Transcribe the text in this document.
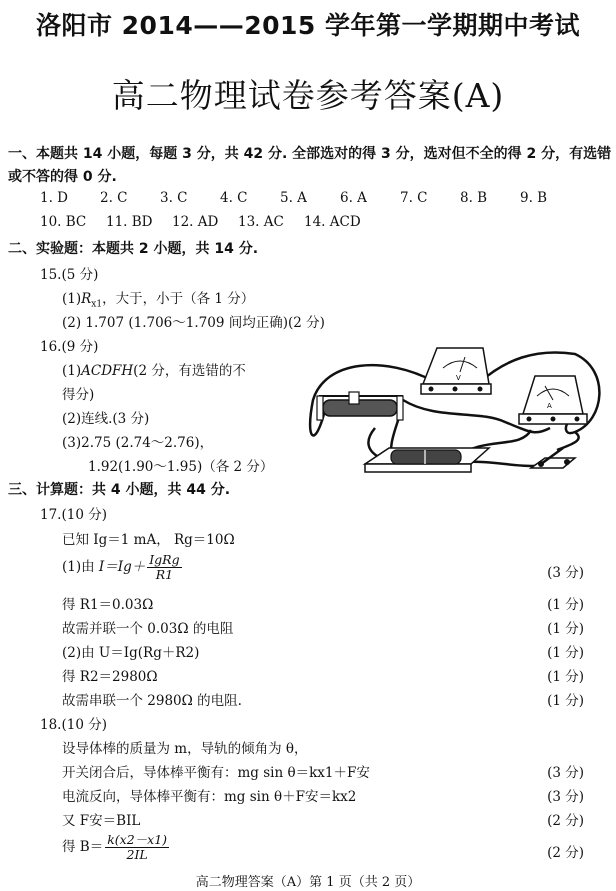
洛阳市 2014——2015 学年第一学期期中考试
高二物理试卷参考答案(A)
一、本题共 14 小题，每题 3 分，共 42 分. 全部选对的得 3 分，选对但不全的得 2 分，有选错
或不答的得 0 分.
1. D 2. C 3. C 4. C 5. A 6. A 7. C 8. B 9. B
10. BC 11. BD 12. AD 13. AC 14. ACD
二、实验题：本题共 2 小题，共 14 分.
15.(5 分)
$(1)R_{x1}$，大于，小于（各 1 分）
(2) 1.707 (1.706～1.709 间均正确)(2 分)
16.(9 分)
(1)ACDFH(2 分，有选错的不
得分)
(2)连线.(3 分)
(3)2.75 (2.74～2.76)，
1.92(1.90～1.95)（各 2 分）
V
A
三、计算题：共 4 小题，共 44 分.
17.(10 分)
已知 Ig＝1 mA， Rg＝10Ω
(1)由 $I=Ig+ \frac{\text{IgRg}}{R1}$	(3 分)
得 R1＝0.03Ω	(1 分)
故需并联一个 0.03Ω 的电阻	(1 分)
(2)由 U＝Ig(Rg＋R2)	(1 分)
得 R2＝2980Ω	(1 分)
故需串联一个 2980Ω 的电阻.	(1 分)
18.(10 分)
设导体棒的质量为 m，导轨的倾角为 θ，
开关闭合后，导体棒平衡有：mg sin θ＝kx1＋F安	(3 分)
电流反向，导体棒平衡有：mg sin θ＋F安＝kx2	(3 分)
又 F安＝BIL	(2 分)
得 $B= \frac{k(x2-x1)}{2IL}$	(2 分)
高二物理答案（A）第 1 页（共 2 页）
